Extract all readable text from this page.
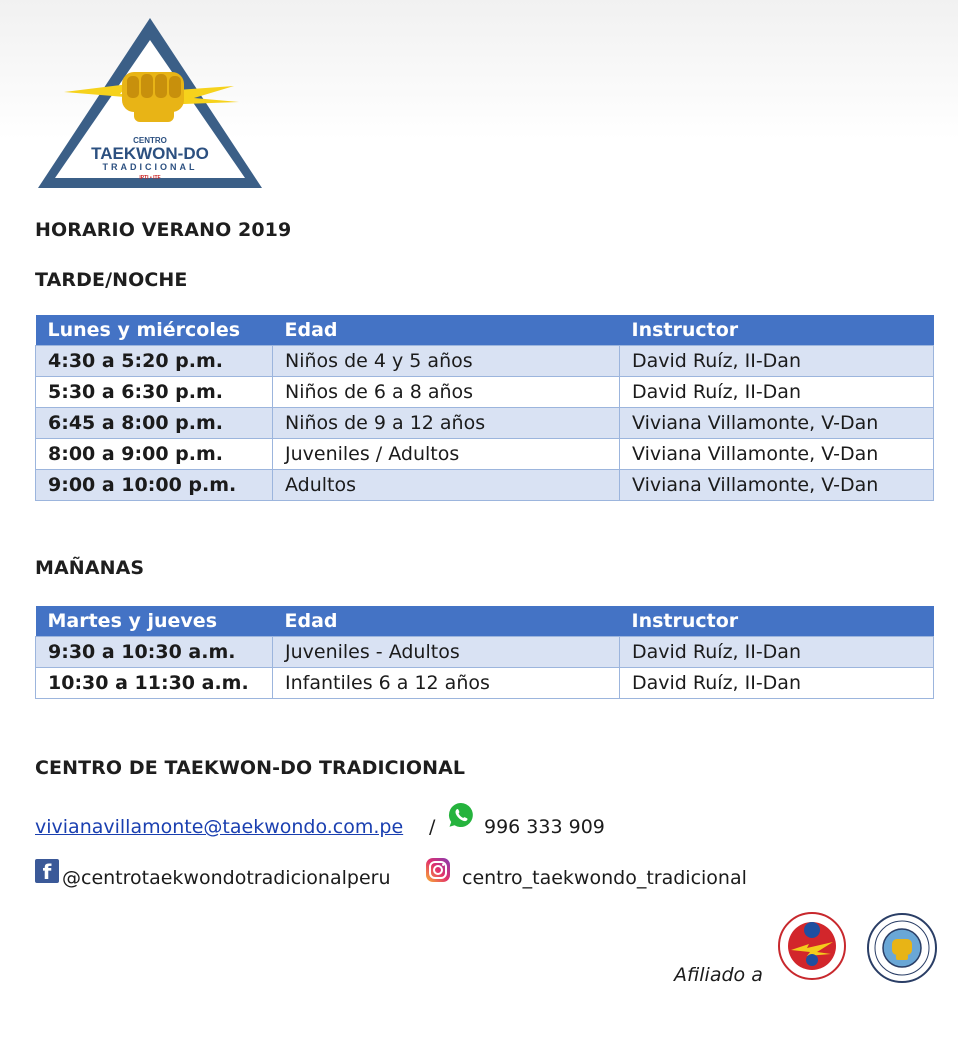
CENTRO
TAEKWON-DO
TRADICIONAL
IPTI • ITF
HORARIO VERANO 2019
TARDE/NOCHE
Lunes y miércoles	Edad	Instructor
4:30 a 5:20 p.m.	Niños de 4 y 5 años	David Ruíz, II-Dan
5:30 a 6:30 p.m.	Niños de 6 a 8 años	David Ruíz, II-Dan
6:45 a 8:00 p.m.	Niños de 9 a 12 años	Viviana Villamonte, V-Dan
8:00 a 9:00 p.m.	Juveniles / Adultos	Viviana Villamonte, V-Dan
9:00 a 10:00 p.m.	Adultos	Viviana Villamonte, V-Dan
MAÑANAS
Martes y jueves	Edad	Instructor
9:30 a 10:30 a.m.	Juveniles - Adultos	David Ruíz, II-Dan
10:30 a 11:30 a.m.	Infantiles 6 a 12 años	David Ruíz, II-Dan
CENTRO DE TAEKWON-DO TRADICIONAL
vivianavillamonte@taekwondo.com.pe /	996 333 909
f @centrotaekwondotradicionalperu	centro_taekwondo_tradicional
Afiliado a
